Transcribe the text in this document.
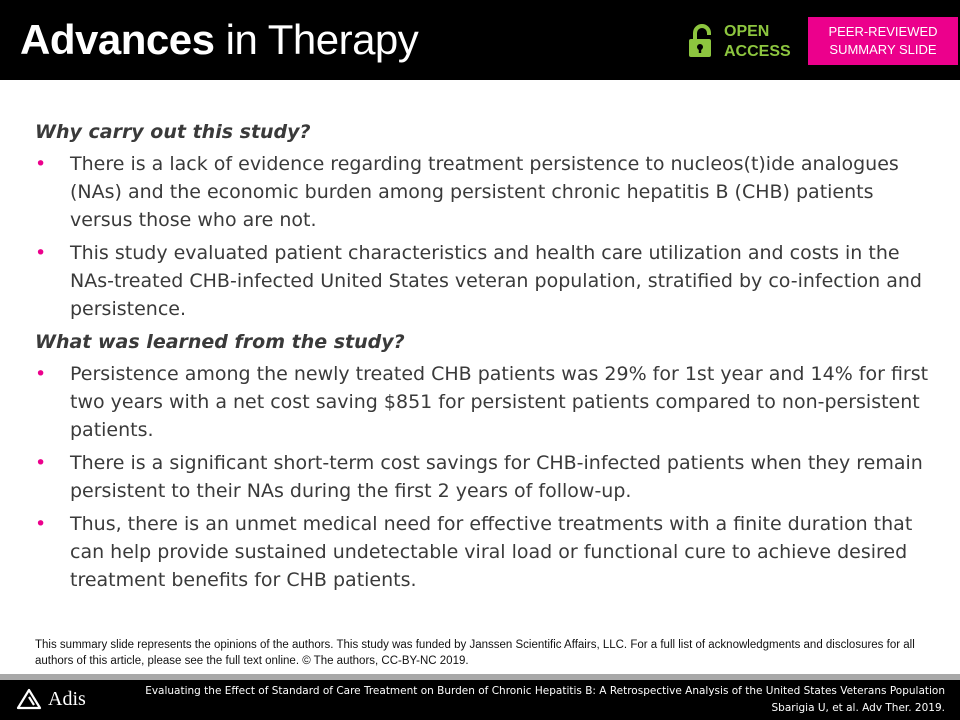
Advances in Therapy	OPEN
ACCESS
PEER-REVIEWED
SUMMARY SLIDE
Why carry out this study?
• There is a lack of evidence regarding treatment persistence to nucleos(t)ide analogues (NAs) and the economic burden among persistent chronic hepatitis B (CHB) patients versus those who are not.
• This study evaluated patient characteristics and health care utilization and costs in the NAs-treated CHB-infected United States veteran population, stratified by co-infection and persistence.
What was learned from the study?
• Persistence among the newly treated CHB patients was 29% for 1st year and 14% for first two years with a net cost saving $851 for persistent patients compared to non-persistent patients.
• There is a significant short-term cost savings for CHB-infected patients when they remain persistent to their NAs during the first 2 years of follow-up.
• Thus, there is an unmet medical need for effective treatments with a finite duration that can help provide sustained undetectable viral load or functional cure to achieve desired treatment benefits for CHB patients.
This summary slide represents the opinions of the authors. This study was funded by Janssen Scientific Affairs, LLC. For a full list of acknowledgments and disclosures for all authors of this article, please see the full text online. © The authors, CC-BY-NC 2019.
Adis	Evaluating the Effect of Standard of Care Treatment on Burden of Chronic Hepatitis B: A Retrospective Analysis of the United States Veterans Population
Sbarigia U, et al. Adv Ther. 2019.
